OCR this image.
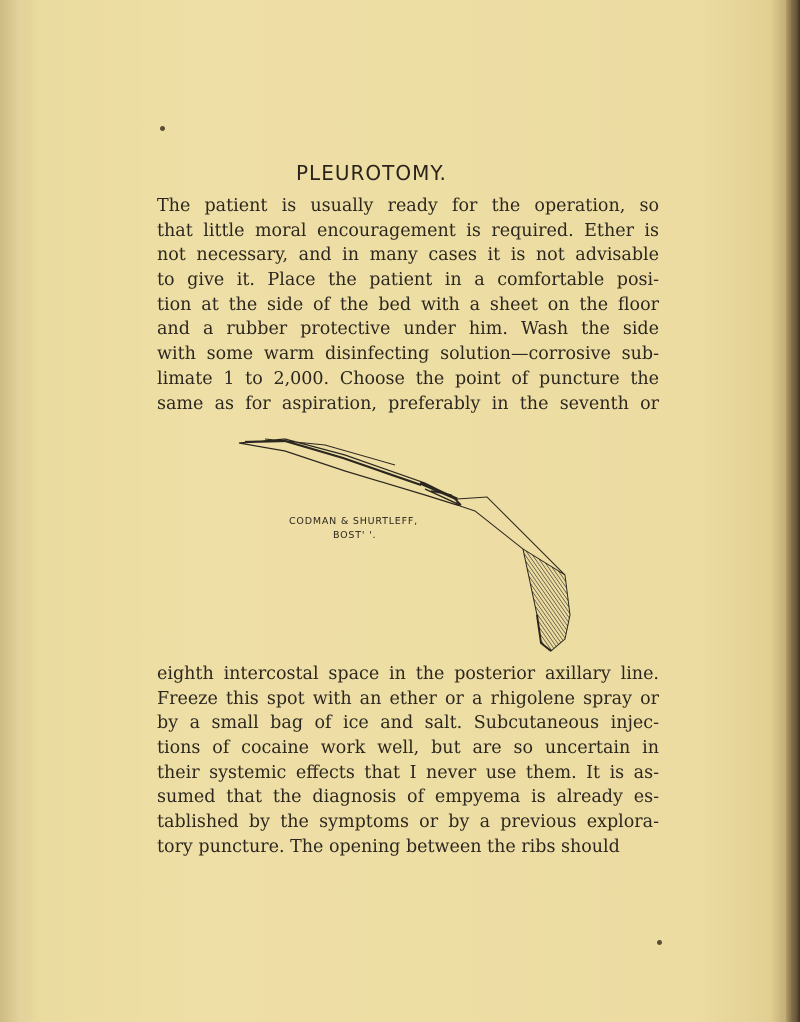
PLEUROTOMY.
The patient is usually ready for the operation, so
that little moral encouragement is required. Ether is
not necessary, and in many cases it is not advisable
to give it. Place the patient in a comfortable posi-
tion at the side of the bed with a sheet on the floor
and a rubber protective under him. Wash the side
with some warm disinfecting solution—corrosive sub-
limate 1 to 2,000. Choose the point of puncture the
same as for aspiration, preferably in the seventh or
CODMAN & SHURTLEFF,
BOST' '.
eighth intercostal space in the posterior axillary line.
Freeze this spot with an ether or a rhigolene spray or
by a small bag of ice and salt. Subcutaneous injec-
tions of cocaine work well, but are so uncertain in
their systemic effects that I never use them. It is as-
sumed that the diagnosis of empyema is already es-
tablished by the symptoms or by a previous explora-
tory puncture. The opening between the ribs should
